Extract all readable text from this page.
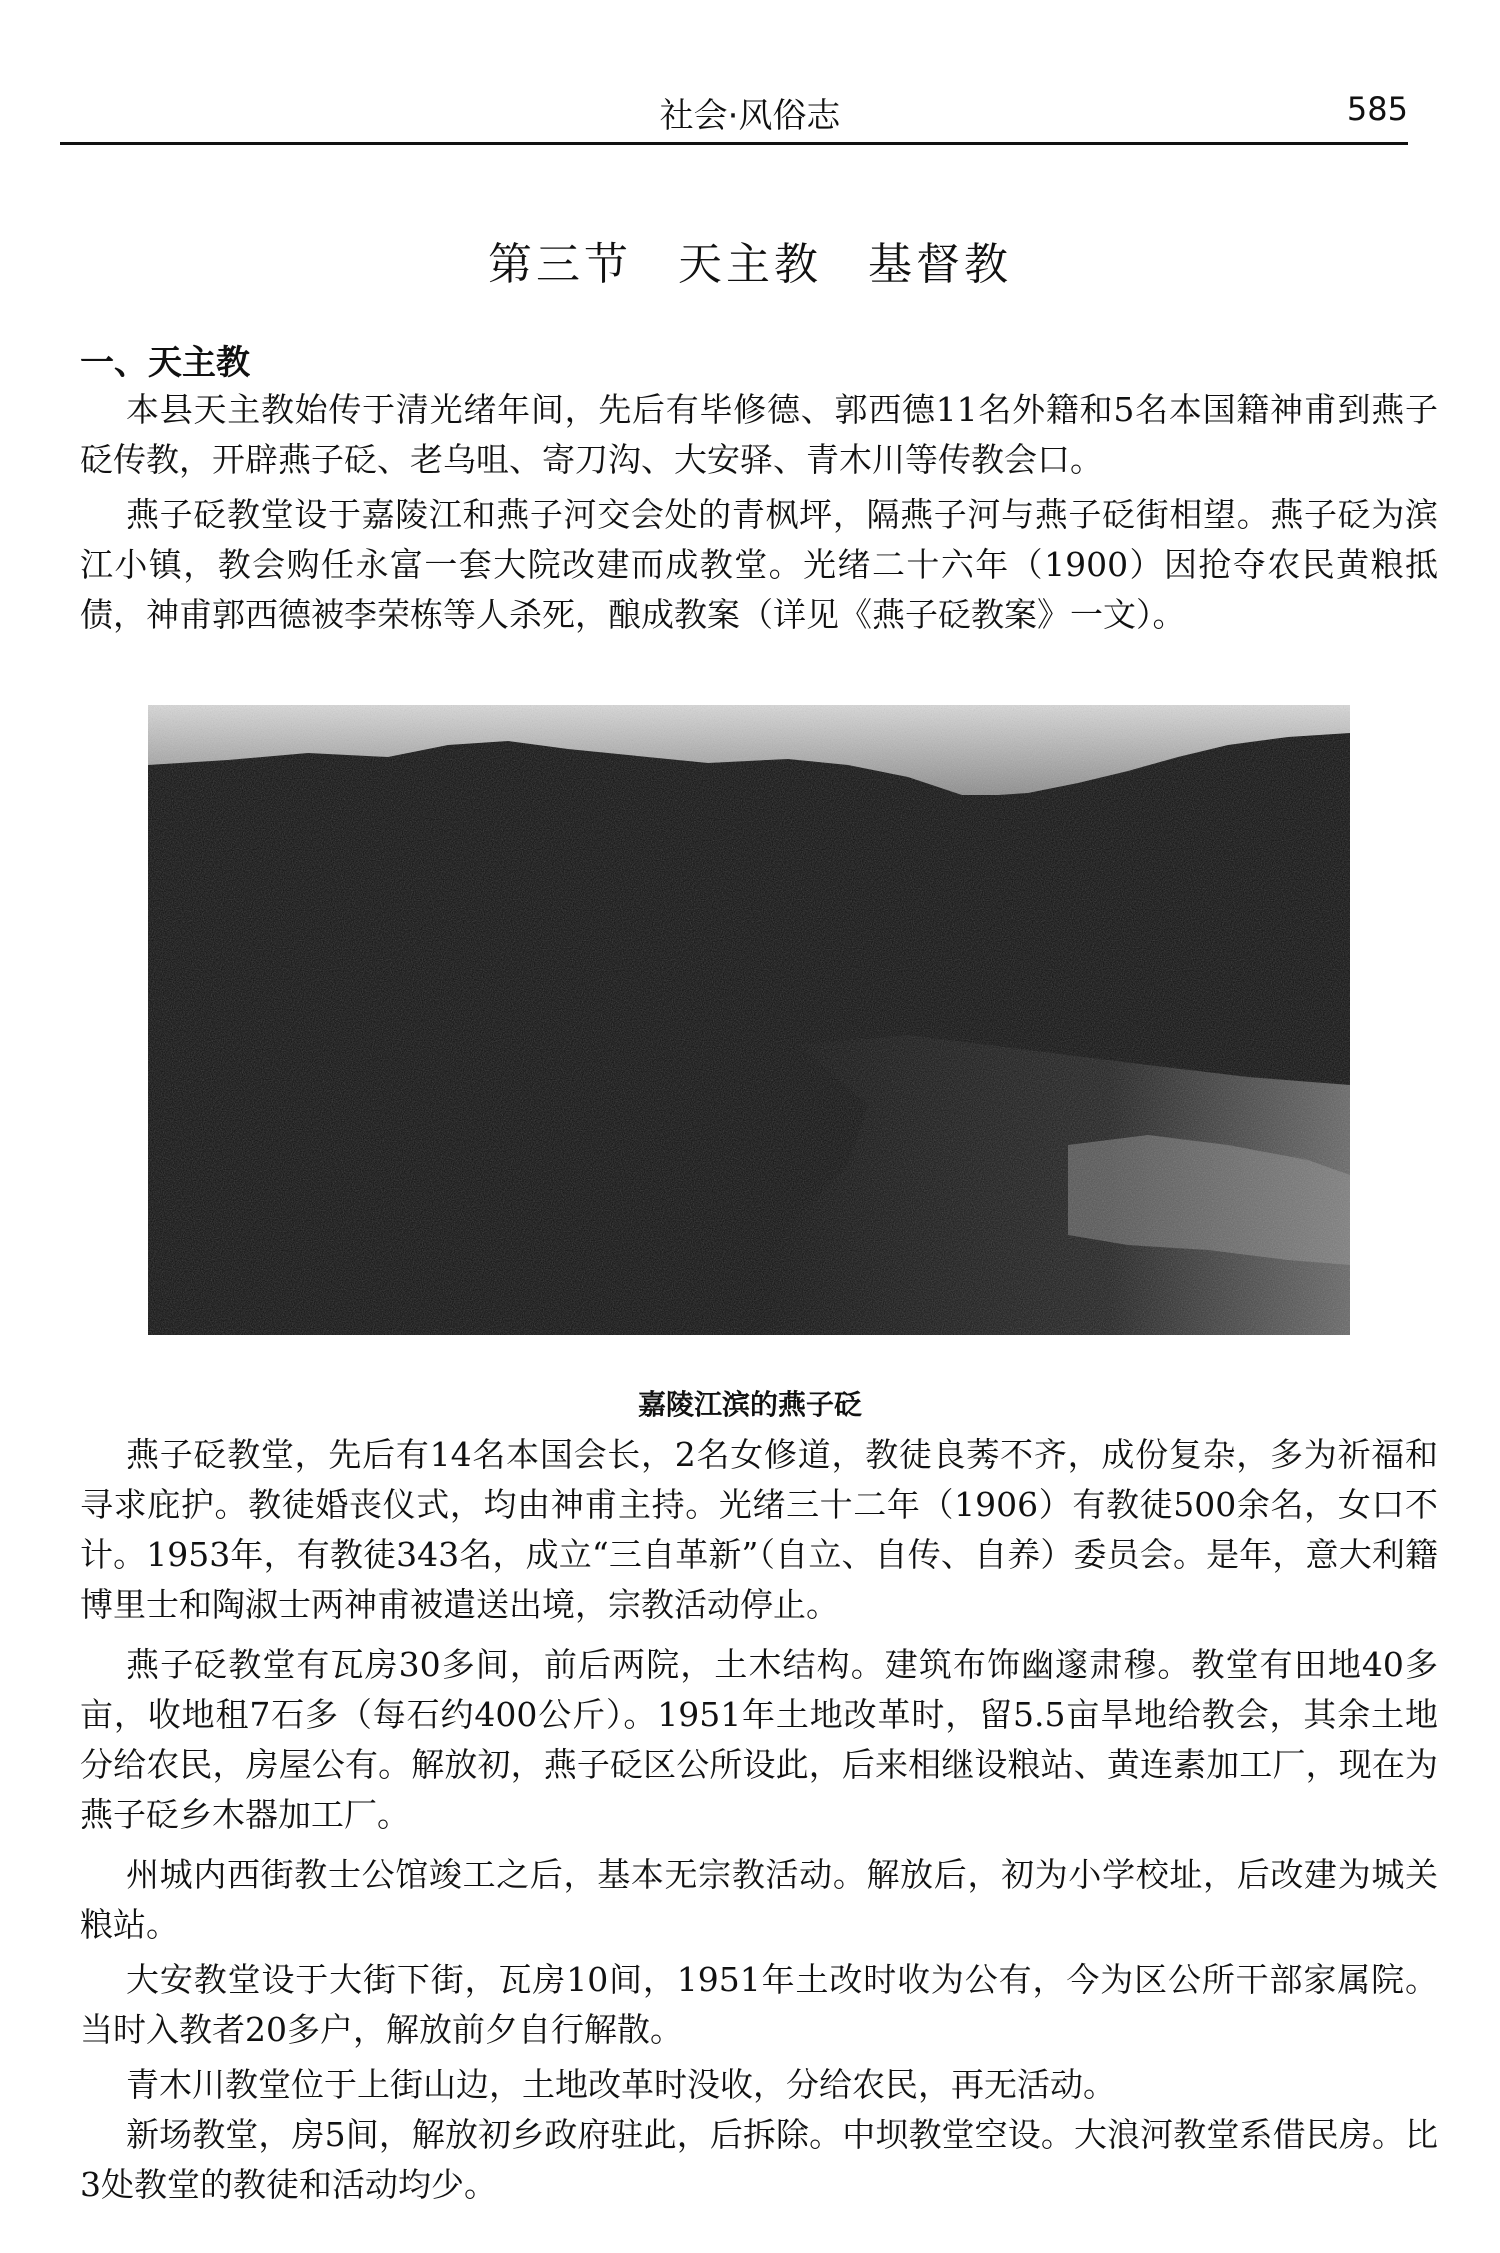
社会·风俗志	585
第三节 天主教 基督教
一、天主教

本县天主教始传于清光绪年间，先后有毕修德、郭西德11名外籍和5名本国籍神甫到燕子砭传教，开辟燕子砭、老乌咀、寄刀沟、大安驿、青木川等传教会口。

燕子砭教堂设于嘉陵江和燕子河交会处的青枫坪，隔燕子河与燕子砭街相望。燕子砭为滨江小镇，教会购任永富一套大院改建而成教堂。光绪二十六年（1900）因抢夺农民黄粮抵债，神甫郭西德被李荣栋等人杀死，酿成教案（详见《燕子砭教案》一文）。

嘉陵江滨的燕子砭

燕子砭教堂，先后有14名本国会长，2名女修道，教徒良莠不齐，成份复杂，多为祈福和寻求庇护。教徒婚丧仪式，均由神甫主持。光绪三十二年（1906）有教徒500余名，女口不计。1953年，有教徒343名，成立“三自革新”（自立、自传、自养）委员会。是年，意大利籍博里士和陶淑士两神甫被遣送出境，宗教活动停止。

燕子砭教堂有瓦房30多间，前后两院，土木结构。建筑布饰幽邃肃穆。教堂有田地40多亩，收地租7石多（每石约400公斤）。1951年土地改革时，留5.5亩旱地给教会，其余土地分给农民，房屋公有。解放初，燕子砭区公所设此，后来相继设粮站、黄连素加工厂，现在为燕子砭乡木器加工厂。

州城内西街教士公馆竣工之后，基本无宗教活动。解放后，初为小学校址，后改建为城关粮站。

大安教堂设于大街下街，瓦房10间，1951年土改时收为公有，今为区公所干部家属院。当时入教者20多户，解放前夕自行解散。

青木川教堂位于上街山边，土地改革时没收，分给农民，再无活动。

新场教堂，房5间，解放初乡政府驻此，后拆除。中坝教堂空设。大浪河教堂系借民房。比3处教堂的教徒和活动均少。
